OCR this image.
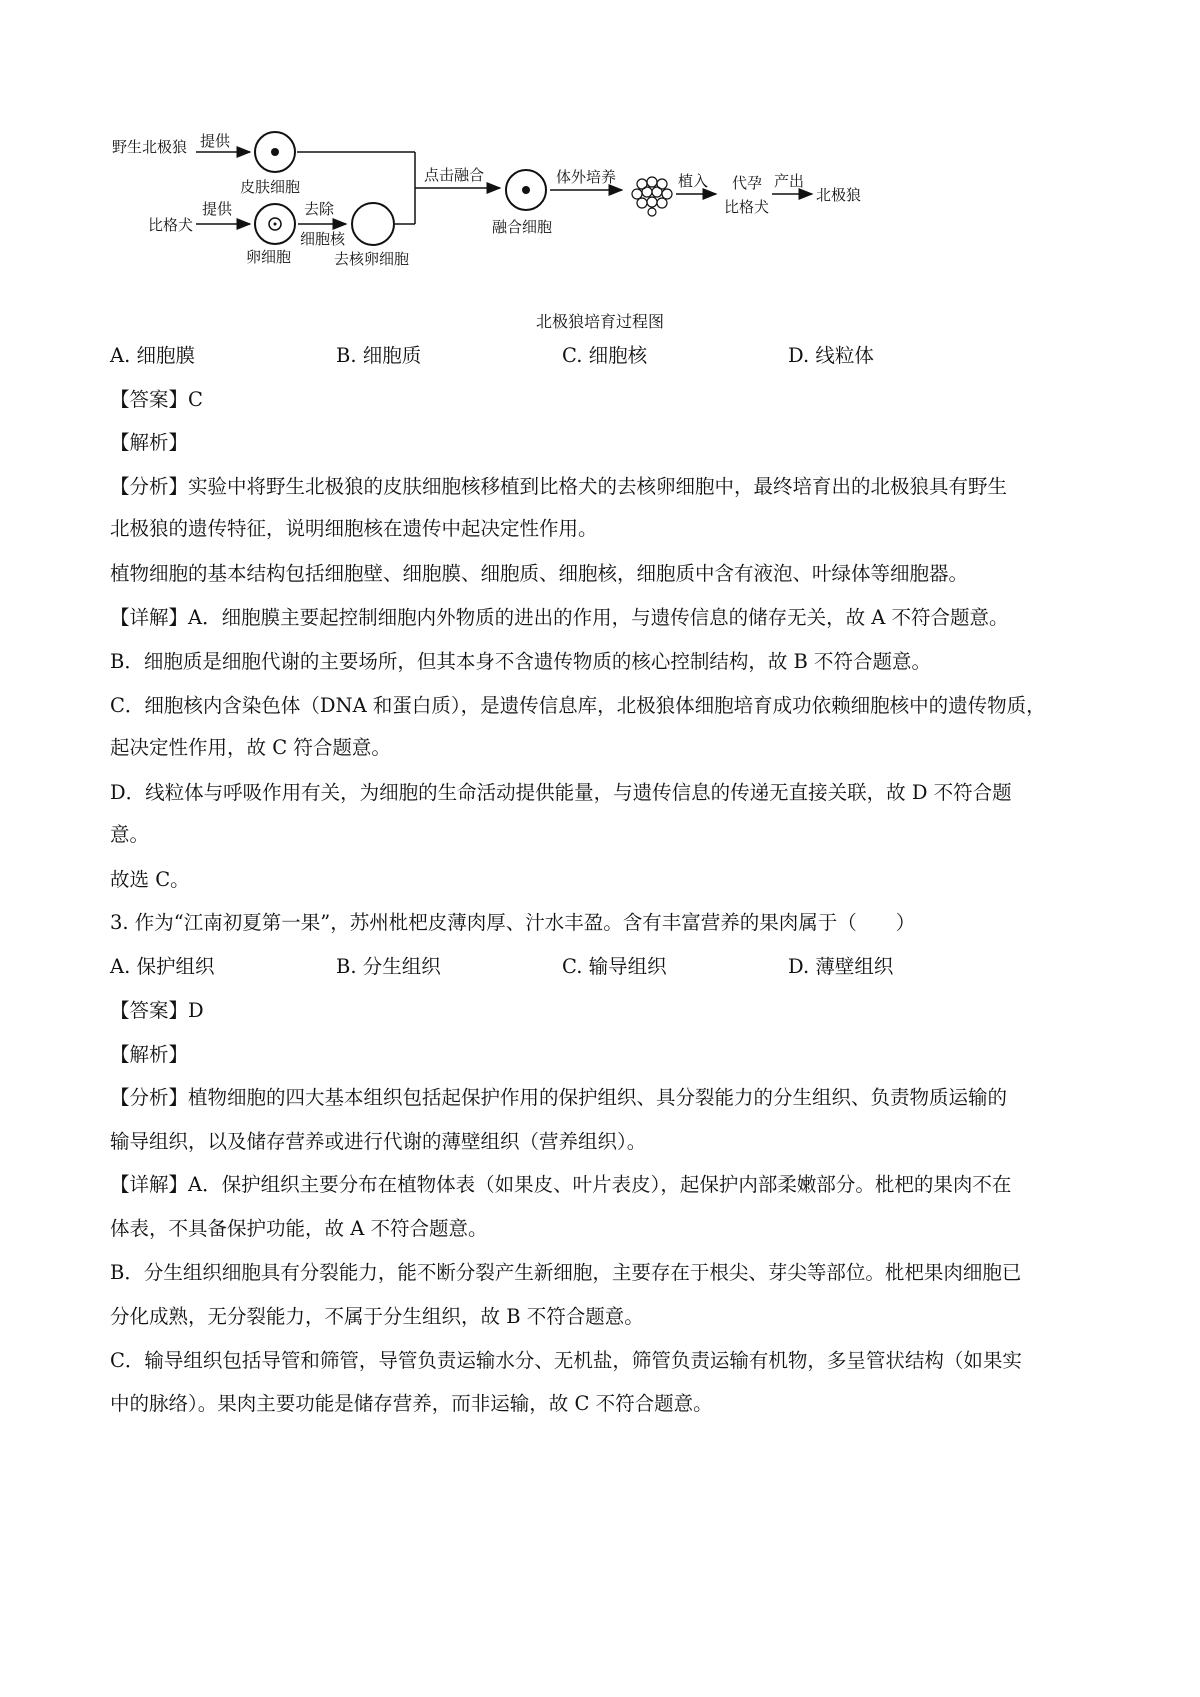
野生北极狼 提供
皮肤细胞
比格犬
提供
卵细胞
去除
细胞核
去核卵细胞
点击融合
融合细胞
体外培养	植入 代孕
比格犬
产出
北极狼
北极狼培育过程图
A. 细胞膜	B. 细胞质	C. 细胞核	D. 线粒体
【答案】C
【解析】
【分析】实验中将野生北极狼的皮肤细胞核移植到比格犬的去核卵细胞中，最终培育出的北极狼具有野生
北极狼的遗传特征，说明细胞核在遗传中起决定性作用。
植物细胞的基本结构包括细胞壁、细胞膜、细胞质、细胞核，细胞质中含有液泡、叶绿体等细胞器。
【详解】A．细胞膜主要起控制细胞内外物质的进出的作用，与遗传信息的储存无关，故 A 不符合题意。
B．细胞质是细胞代谢的主要场所，但其本身不含遗传物质的核心控制结构，故 B 不符合题意。
C．细胞核内含染色体（DNA 和蛋白质），是遗传信息库，北极狼体细胞培育成功依赖细胞核中的遗传物质，
起决定性作用，故 C 符合题意。
D．线粒体与呼吸作用有关，为细胞的生命活动提供能量，与遗传信息的传递无直接关联，故 D 不符合题
意。
故选 C。
3. 作为“江南初夏第一果”，苏州枇杷皮薄肉厚、汁水丰盈。含有丰富营养的果肉属于（　　）
A. 保护组织	B. 分生组织	C. 输导组织	D. 薄壁组织
【答案】D
【解析】
【分析】植物细胞的四大基本组织包括起保护作用的保护组织、具分裂能力的分生组织、负责物质运输的
输导组织，以及储存营养或进行代谢的薄壁组织（营养组织）。
【详解】A．保护组织主要分布在植物体表（如果皮、叶片表皮），起保护内部柔嫩部分。枇杷的果肉不在
体表，不具备保护功能，故 A 不符合题意。
B．分生组织细胞具有分裂能力，能不断分裂产生新细胞，主要存在于根尖、芽尖等部位。枇杷果肉细胞已
分化成熟，无分裂能力，不属于分生组织，故 B 不符合题意。
C．输导组织包括导管和筛管，导管负责运输水分、无机盐，筛管负责运输有机物，多呈管状结构（如果实
中的脉络）。果肉主要功能是储存营养，而非运输，故 C 不符合题意。
